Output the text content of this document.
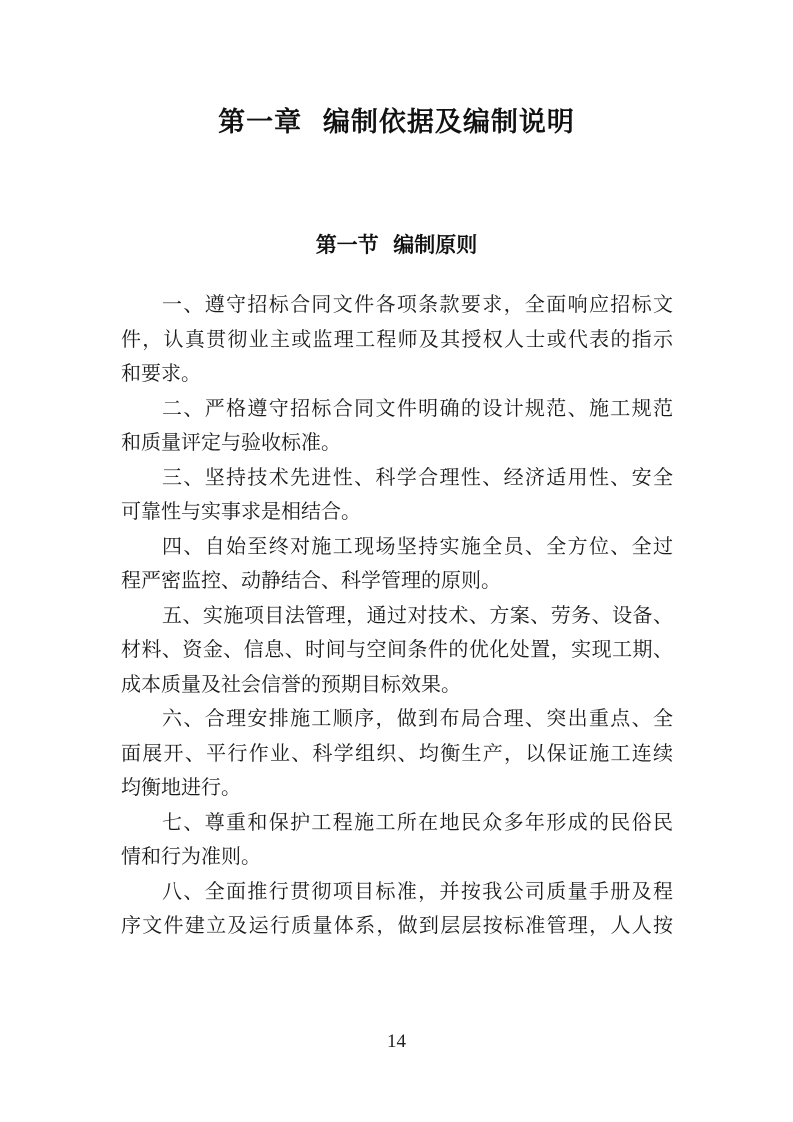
第一章  编制依据及编制说明
第一节  编制原则
一、遵守招标合同文件各项条款要求，全面响应招标文
件，认真贯彻业主或监理工程师及其授权人士或代表的指示
和要求。
二、严格遵守招标合同文件明确的设计规范、施工规范
和质量评定与验收标准。
三、坚持技术先进性、科学合理性、经济适用性、安全
可靠性与实事求是相结合。
四、自始至终对施工现场坚持实施全员、全方位、全过
程严密监控、动静结合、科学管理的原则。
五、实施项目法管理，通过对技术、方案、劳务、设备、
材料、资金、信息、时间与空间条件的优化处置，实现工期、
成本质量及社会信誉的预期目标效果。
六、合理安排施工顺序，做到布局合理、突出重点、全
面展开、平行作业、科学组织、均衡生产，以保证施工连续
均衡地进行。
七、尊重和保护工程施工所在地民众多年形成的民俗民
情和行为准则。
八、全面推行贯彻项目标准，并按我公司质量手册及程
序文件建立及运行质量体系，做到层层按标准管理，人人按
14
